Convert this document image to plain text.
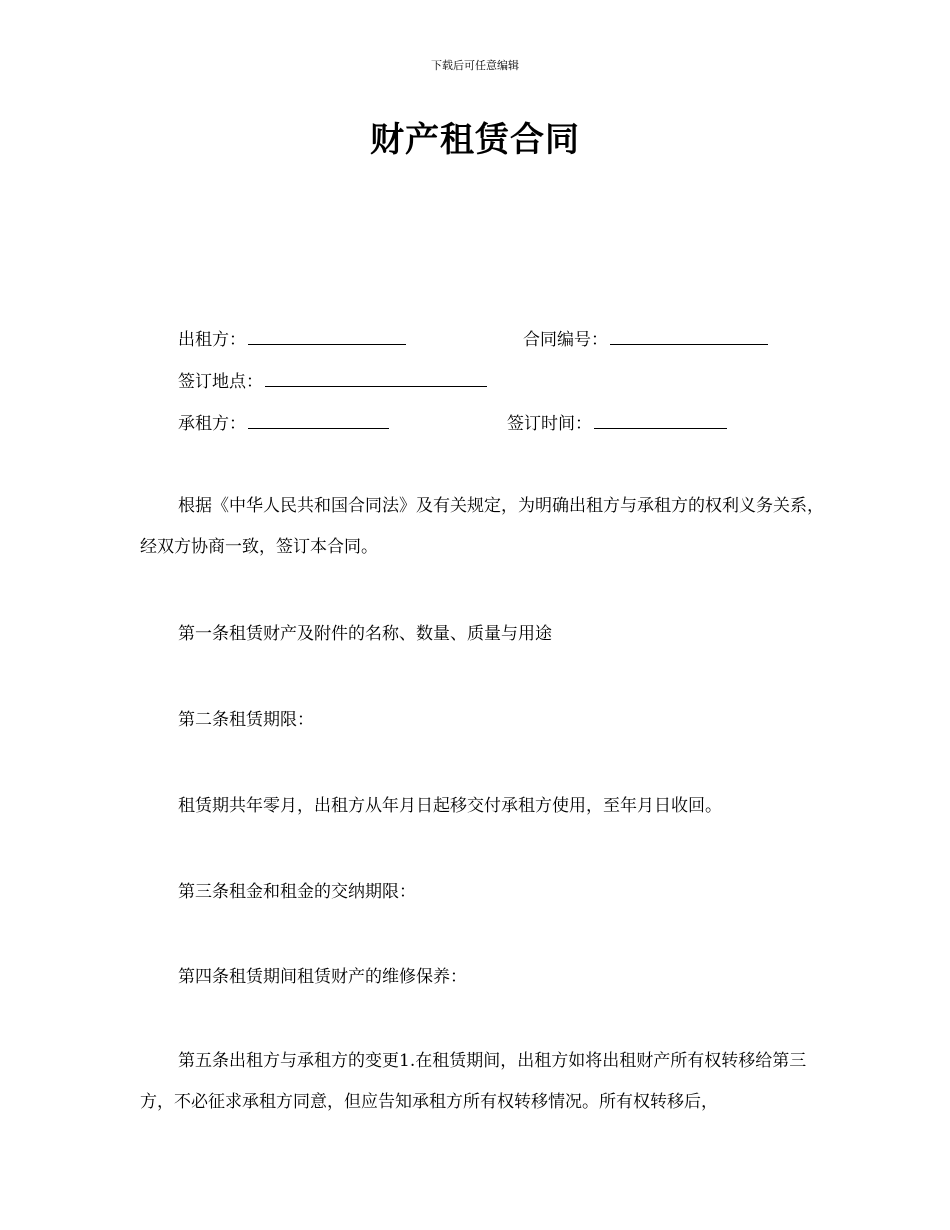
下载后可任意编辑
财产租赁合同
出租方：	合同编号：
签订地点：
承租方：	签订时间：

根据《中华人民共和国合同法》及有关规定，为明确出租方与承租方的权利义务关系，经双方协商一致，签订本合同。

第一条租赁财产及附件的名称、数量、质量与用途

第二条租赁期限：

租赁期共年零月，出租方从年月日起移交付承租方使用，至年月日收回。

第三条租金和租金的交纳期限：

第四条租赁期间租赁财产的维修保养：

第五条出租方与承租方的变更1.在租赁期间，出租方如将出租财产所有权转移给第三方，不必征求承租方同意，但应告知承租方所有权转移情况。所有权转移后，
